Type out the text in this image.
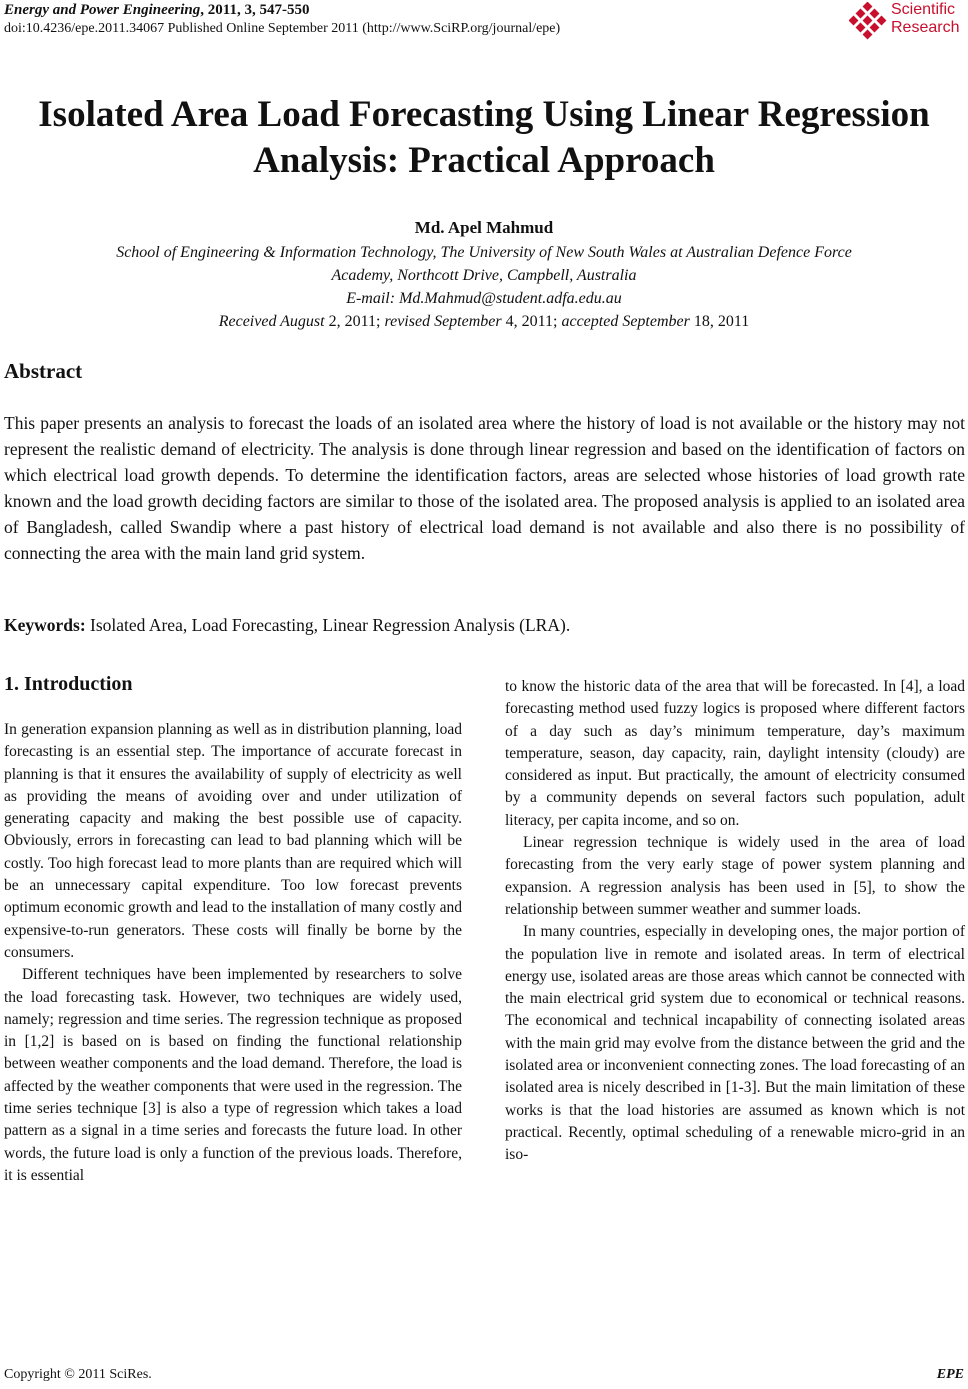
Energy and Power Engineering, 2011, 3, 547-550
doi:10.4236/epe.2011.34067 Published Online September 2011 (http://www.SciRP.org/journal/epe)
Scientific
Research
Isolated Area Load Forecasting Using Linear Regression
Analysis: Practical Approach
Md. Apel Mahmud
School of Engineering & Information Technology, The University of New South Wales at Australian Defence Force
Academy, Northcott Drive, Campbell, Australia
E-mail: Md.Mahmud@student.adfa.edu.au
Received August 2, 2011; revised September 4, 2011; accepted September 18, 2011
Abstract
This paper presents an analysis to forecast the loads of an isolated area where the history of load is not available or the history may not represent the realistic demand of electricity. The analysis is done through linear regression and based on the identification of factors on which electrical load growth depends. To determine the identification factors, areas are selected whose histories of load growth rate known and the load growth deciding factors are similar to those of the isolated area. The proposed analysis is applied to an isolated area of Bangladesh, called Swandip where a past history of electrical load demand is not available and also there is no possibility of connecting the area with the main land grid system.
Keywords: Isolated Area, Load Forecasting, Linear Regression Analysis (LRA).
1. Introduction

In generation expansion planning as well as in distribution planning, load forecasting is an essential step. The importance of accurate forecast in planning is that it ensures the availability of supply of electricity as well as providing the means of avoiding over and under utilization of generating capacity and making the best possible use of capacity. Obviously, errors in forecasting can lead to bad planning which will be costly. Too high forecast lead to more plants than are required which will be an unnecessary capital expenditure. Too low forecast prevents optimum economic growth and lead to the installation of many costly and expensive-to-run generators. These costs will finally be borne by the consumers.

Different techniques have been implemented by researchers to solve the load forecasting task. However, two techniques are widely used, namely; regression and time series. The regression technique as proposed in [1,2] is based on is based on finding the functional relationship between weather components and the load demand. Therefore, the load is affected by the weather components that were used in the regression. The time series technique [3] is also a type of regression which takes a load pattern as a signal in a time series and forecasts the future load. In other words, the future load is only a function of the previous loads. Therefore, it is essential

to know the historic data of the area that will be forecasted. In [4], a load forecasting method used fuzzy logics is proposed where different factors of a day such as day’s minimum temperature, day’s maximum temperature, season, day capacity, rain, daylight intensity (cloudy) are considered as input. But practically, the amount of electricity consumed by a community depends on several factors such population, adult literacy, per capita income, and so on.

Linear regression technique is widely used in the area of load forecasting from the very early stage of power system planning and expansion. A regression analysis has been used in [5], to show the relationship between summer weather and summer loads.

In many countries, especially in developing ones, the major portion of the population live in remote and isolated areas. In term of electrical energy use, isolated areas are those areas which cannot be connected with the main electrical grid system due to economical or technical reasons. The economical and technical incapability of connecting isolated areas with the main grid may evolve from the distance between the grid and the isolated area or inconvenient connecting zones. The load forecasting of an isolated area is nicely described in [1-3]. But the main limitation of these works is that the load histories are assumed as known which is not practical. Recently, optimal scheduling of a renewable micro-grid in an iso-

Copyright © 2011 SciRes.	EPE
